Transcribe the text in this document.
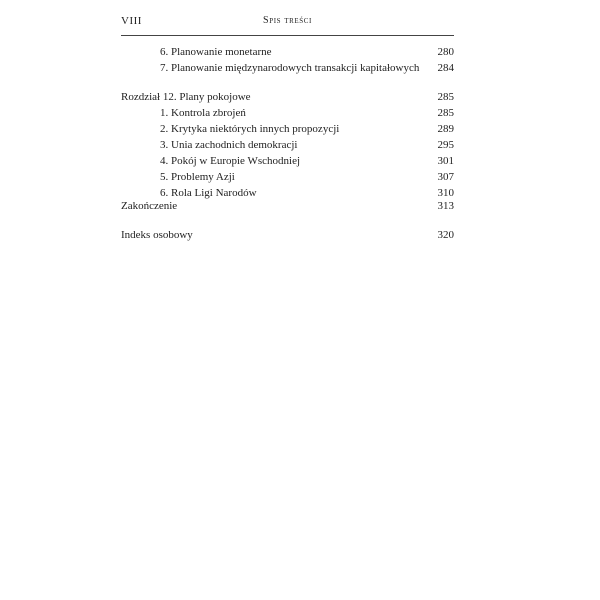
VIII	Spis treści
6. Planowanie monetarne	280
7. Planowanie międzynarodowych transakcji kapitałowych 284
Rozdział 12. Plany pokojowe	285
1. Kontrola zbrojeń	285
2. Krytyka niektórych innych propozycji	289
3. Unia zachodnich demokracji	295
4. Pokój w Europie Wschodniej	301
5. Problemy Azji	307
6. Rola Ligi Narodów	310
Zakończenie	313
Indeks osobowy	320
